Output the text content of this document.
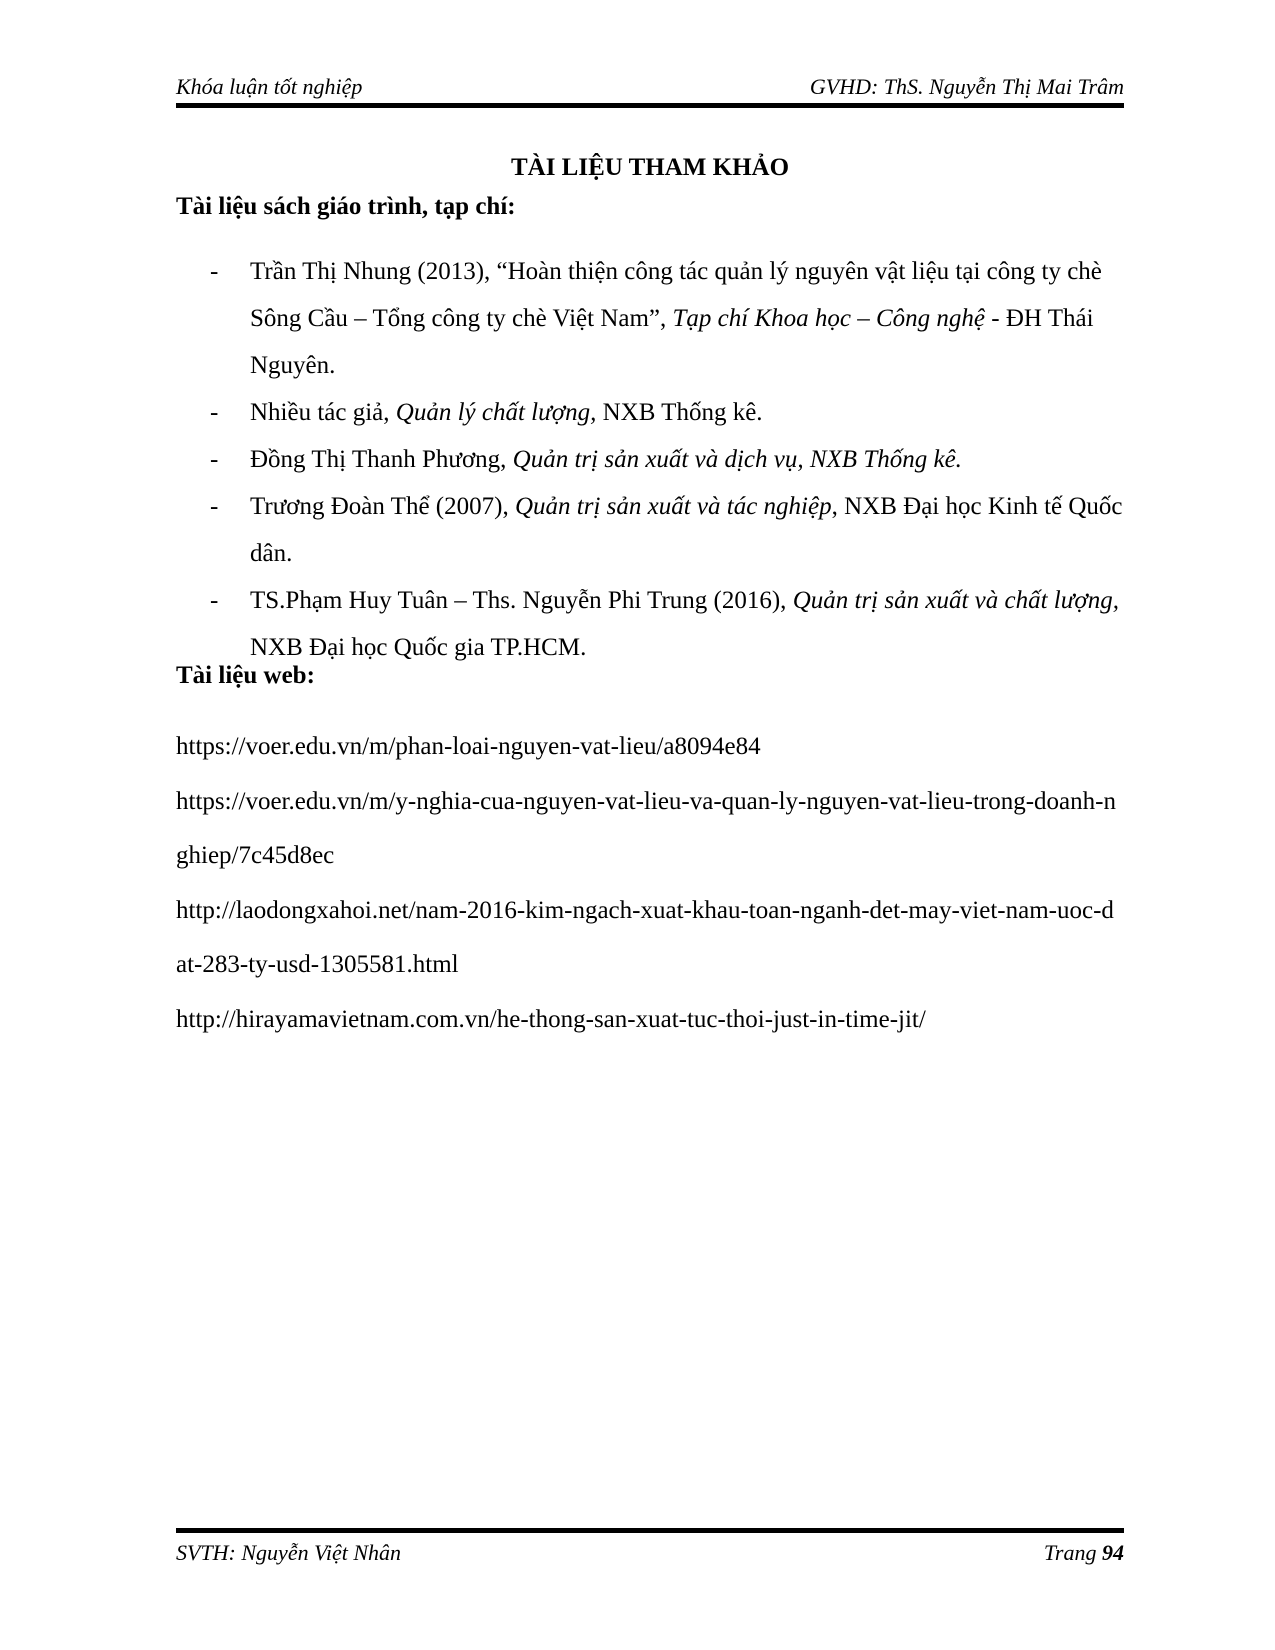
Khóa luận tốt nghiệp	GVHD: ThS. Nguyễn Thị Mai Trâm
TÀI LIỆU THAM KHẢO
Tài liệu sách giáo trình, tạp chí:
- Trần Thị Nhung (2013), “Hoàn thiện công tác quản lý nguyên vật liệu tại công ty chè Sông Cầu – Tổng công ty chè Việt Nam”, Tạp chí Khoa học – Công nghệ - ĐH Thái Nguyên.
- Nhiều tác giả, Quản lý chất lượng, NXB Thống kê.
- Đồng Thị Thanh Phương, Quản trị sản xuất và dịch vụ, NXB Thống kê.
- Trương Đoàn Thể (2007), Quản trị sản xuất và tác nghiệp, NXB Đại học Kinh tế Quốc dân.
- TS.Phạm Huy Tuân – Ths. Nguyễn Phi Trung (2016), Quản trị sản xuất và chất lượng, NXB Đại học Quốc gia TP.HCM.
Tài liệu web:
https://voer.edu.vn/m/phan-loai-nguyen-vat-lieu/a8094e84
https://voer.edu.vn/m/y-nghia-cua-nguyen-vat-lieu-va-quan-ly-nguyen-vat-lieu-trong-doanh-nghiep/7c45d8ec
http://laodongxahoi.net/nam-2016-kim-ngach-xuat-khau-toan-nganh-det-may-viet-nam-uoc-dat-283-ty-usd-1305581.html
http://hirayamavietnam.com.vn/he-thong-san-xuat-tuc-thoi-just-in-time-jit/
SVTH: Nguyễn Việt Nhân	Trang 94
